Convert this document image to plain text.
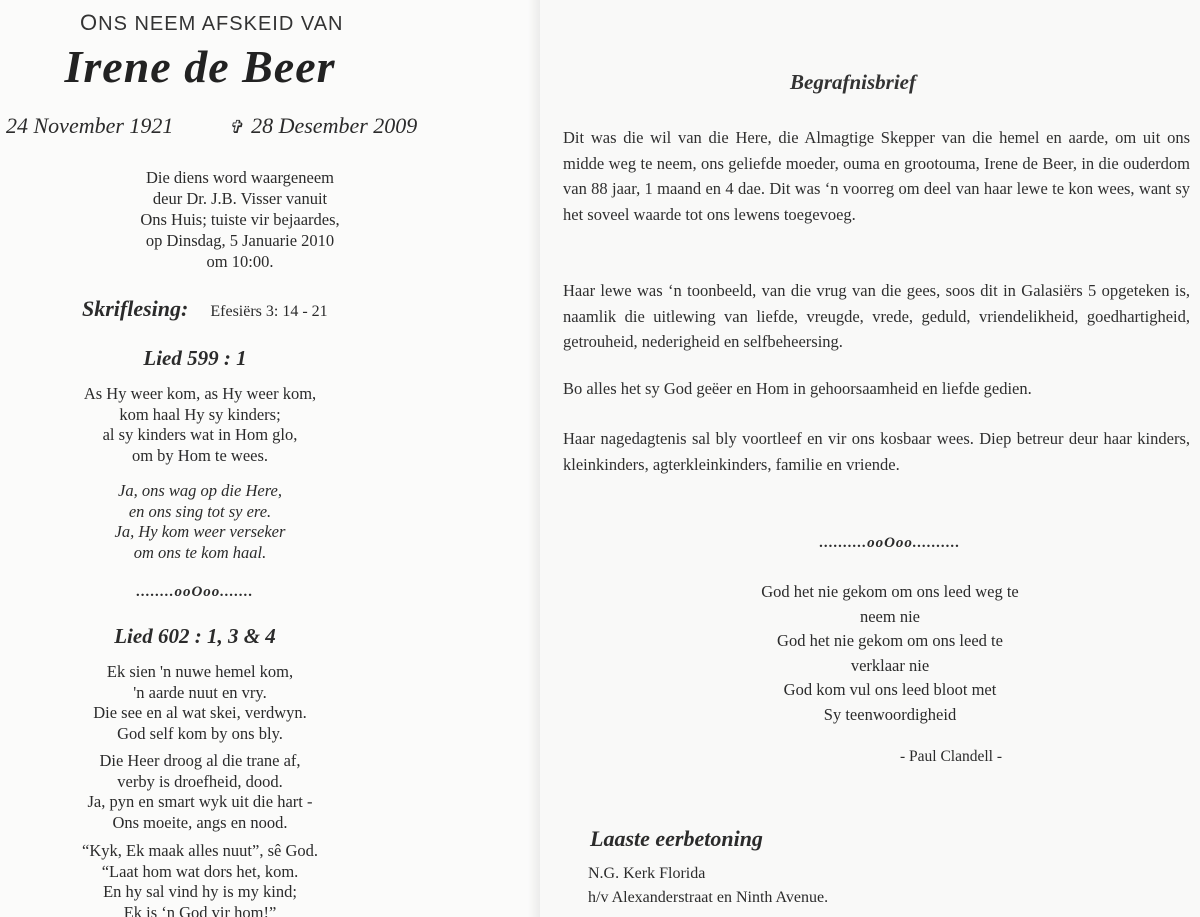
ONS NEEM AFSKEID VAN
Irene de Beer
24 November 1921	✞ 28 Desember 2009
Die diens word waargeneem
deur Dr. J.B. Visser vanuit
Ons Huis; tuiste vir bejaardes,
op Dinsdag, 5 Januarie 2010
om 10:00.
Skriflesing: Efesiërs 3: 14 - 21
Lied 599 : 1
As Hy weer kom, as Hy weer kom,
kom haal Hy sy kinders;
al sy kinders wat in Hom glo,
om by Hom te wees.
Ja, ons wag op die Here,
en ons sing tot sy ere.
Ja, Hy kom weer verseker
om ons te kom haal.
........ooOoo.......
Lied 602 : 1, 3 & 4
Ek sien 'n nuwe hemel kom,
'n aarde nuut en vry.
Die see en al wat skei, verdwyn.
God self kom by ons bly.
Die Heer droog al die trane af,
verby is droefheid, dood.
Ja, pyn en smart wyk uit die hart -
Ons moeite, angs en nood.
“Kyk, Ek maak alles nuut”, sê God.
“Laat hom wat dors het, kom.
En hy sal vind hy is my kind;
Ek is ‘n God vir hom!”
Begrafnisbrief
Dit was die wil van die Here, die Almagtige Skepper van die hemel en aarde, om uit ons midde weg te neem, ons geliefde moeder, ouma en grootouma, Irene de Beer, in die ouderdom van 88 jaar, 1 maand en 4 dae. Dit was ‘n voorreg om deel van haar lewe te kon wees, want sy het soveel waarde tot ons lewens toegevoeg.
Haar lewe was ‘n toonbeeld, van die vrug van die gees, soos dit in Galasiërs 5 opgeteken is, naamlik die uitlewing van liefde, vreugde, vrede, geduld, vriendelikheid, goedhartigheid, getrouheid, nederigheid en selfbeheersing.
Bo alles het sy God geëer en Hom in gehoorsaamheid en liefde gedien.
Haar nagedagtenis sal bly voortleef en vir ons kosbaar wees. Diep betreur deur haar kinders, kleinkinders, agterkleinkinders, familie en vriende.
..........ooOoo..........
God het nie gekom om ons leed weg te
neem nie
God het nie gekom om ons leed te
verklaar nie
God kom vul ons leed bloot met
Sy teenwoordigheid
- Paul Clandell -
Laaste eerbetoning
N.G. Kerk Florida
h/v Alexanderstraat en Ninth Avenue.
